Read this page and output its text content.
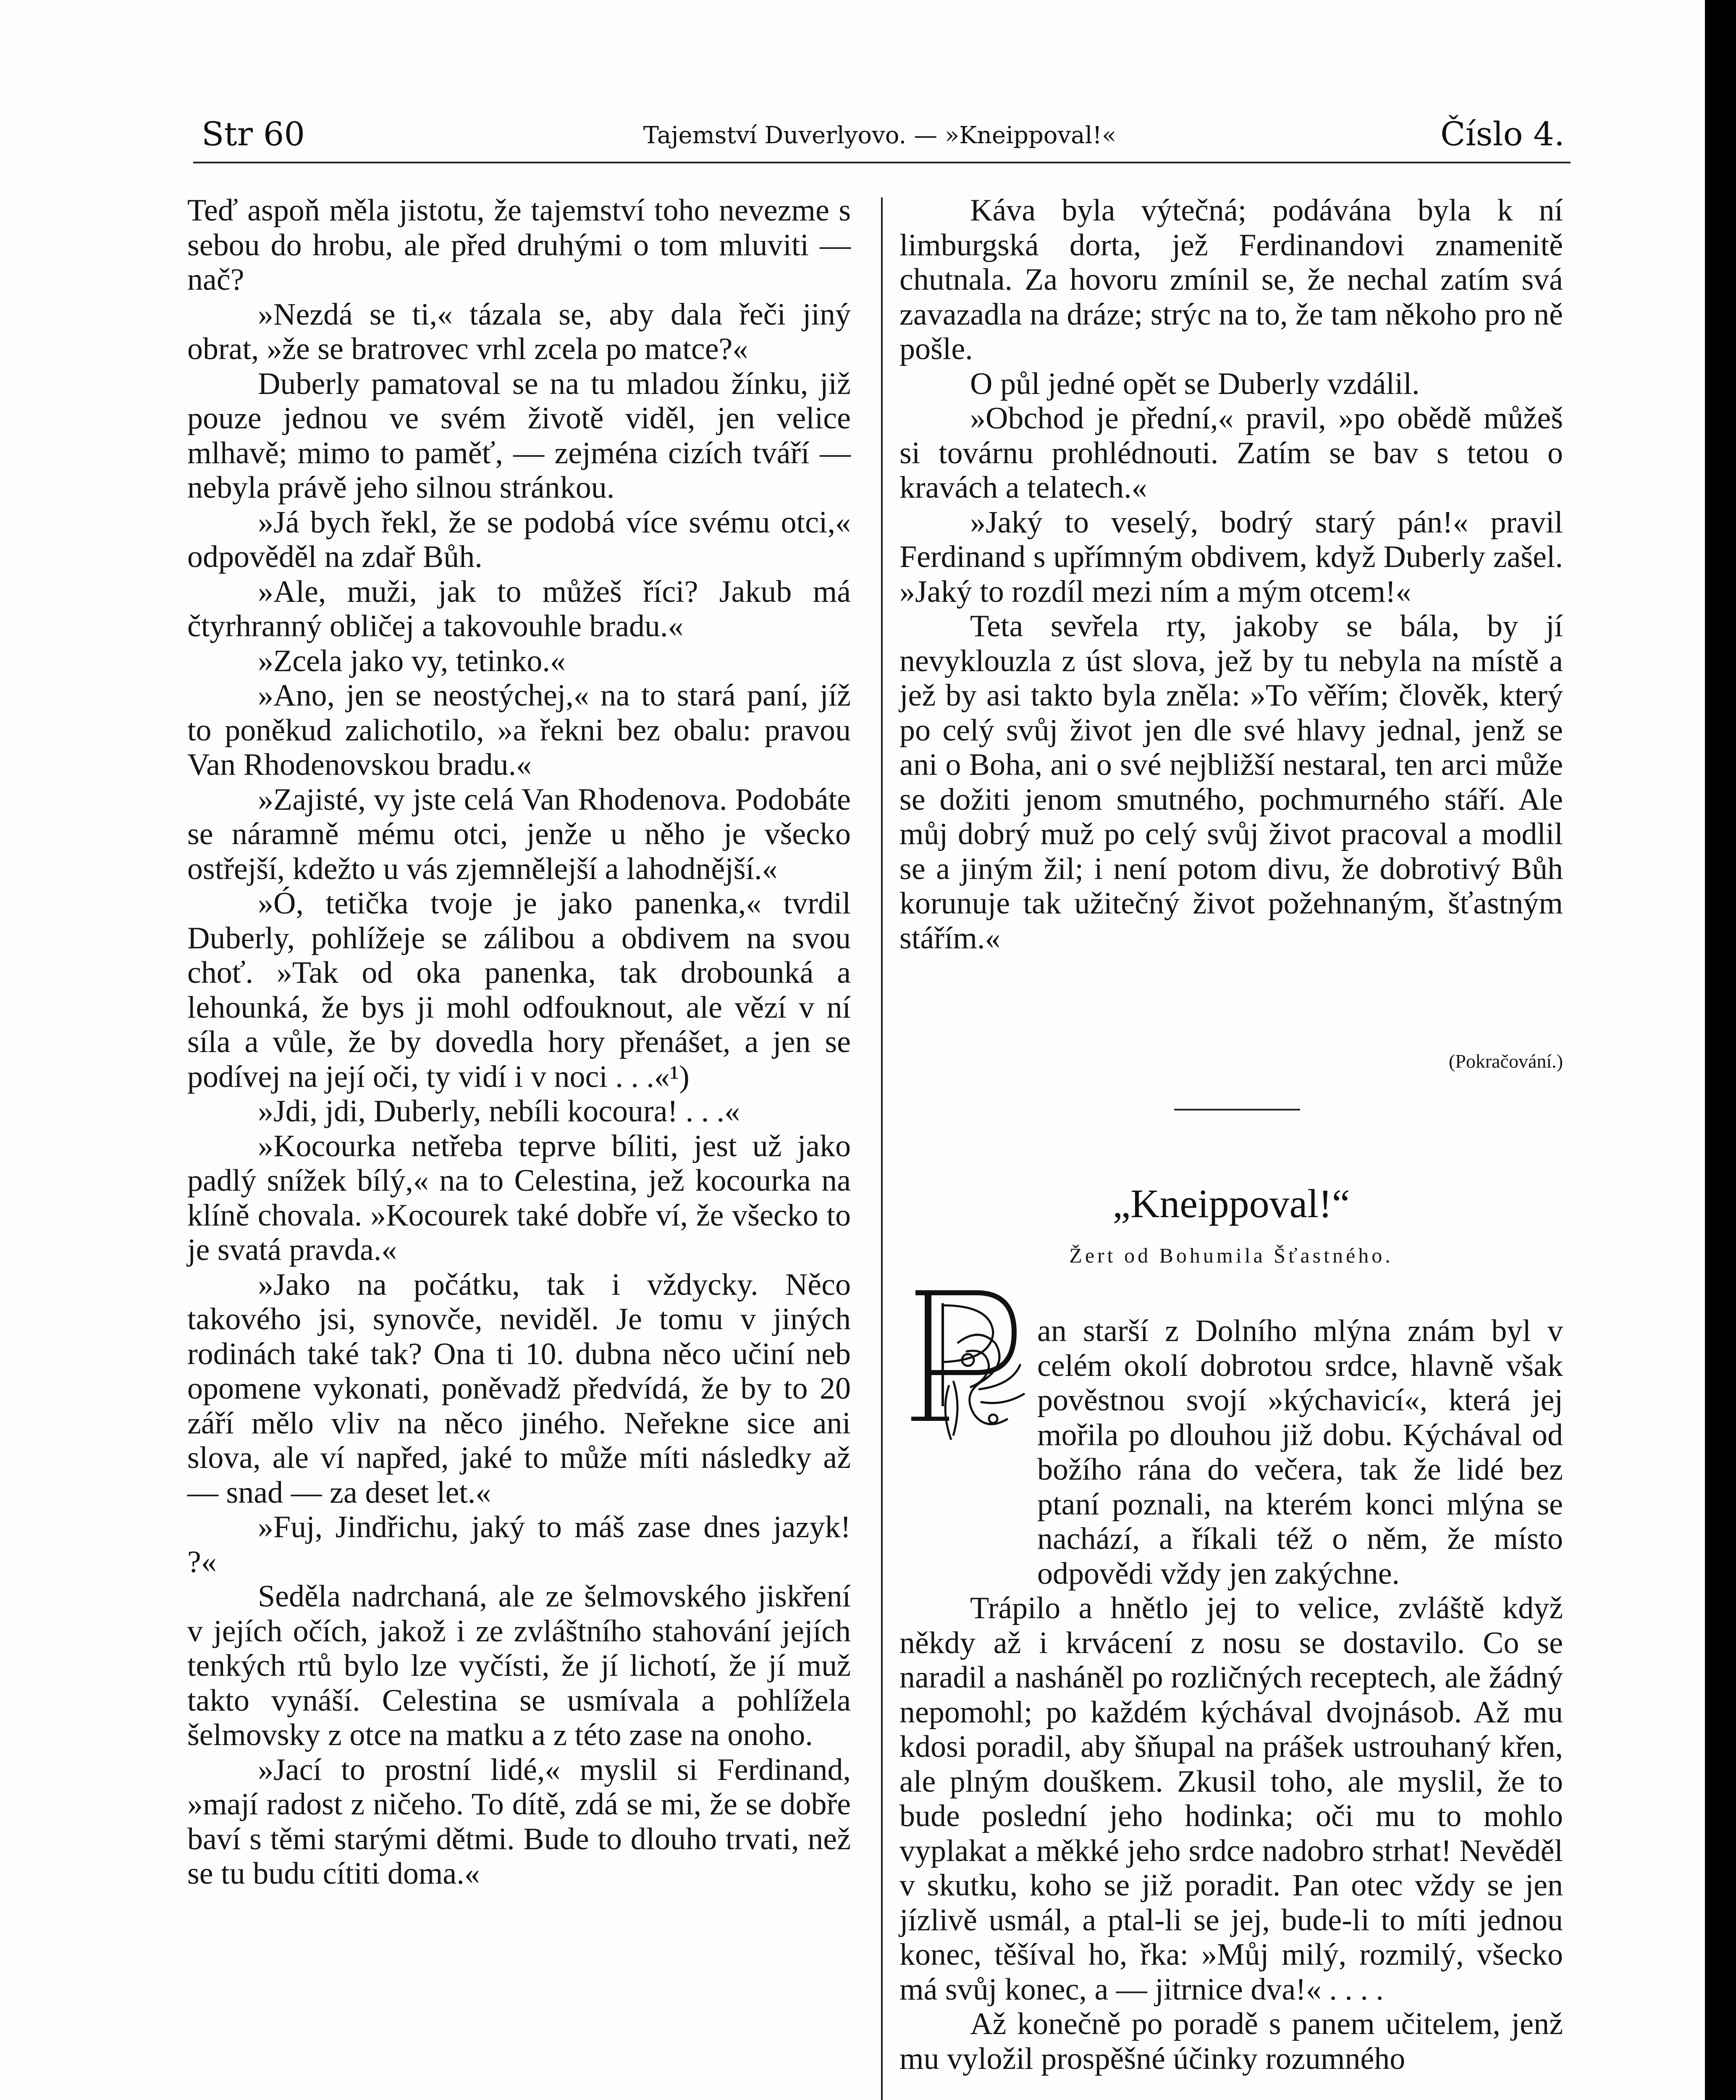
Str 60	Tajemství Duverlyovo. — »Kneippoval!«	Číslo 4.

Teď aspoň měla jistotu, že tajemství toho nevezme s sebou do hrobu, ale před druhými o tom mluviti — nač?

»Nezdá se ti,« tázala se, aby dala řeči jiný obrat, »že se bratrovec vrhl zcela po matce?«

Duberly pamatoval se na tu mladou žínku, již pouze jednou ve svém životě viděl, jen velice mlhavě; mimo to paměť, — zejména cizích tváří — nebyla právě jeho silnou stránkou.

»Já bych řekl, že se podobá více svému otci,« odpověděl na zdař Bůh.

»Ale, muži, jak to můžeš říci? Jakub má čtyrhranný obličej a takovouhle bradu.«

»Zcela jako vy, tetinko.«

»Ano, jen se neostýchej,« na to stará paní, jíž to poněkud zalichotilo, »a řekni bez obalu: pravou Van Rhodenovskou bradu.«

»Zajisté, vy jste celá Van Rhodenova. Podobáte se náramně mému otci, jenže u něho je všecko ostřejší, kdežto u vás zjemnělejší a lahodnější.«

»Ó, tetička tvoje je jako panenka,« tvrdil Duberly, pohlížeje se zálibou a obdivem na svou choť. »Tak od oka panenka, tak drobounká a lehounká, že bys ji mohl odfouknout, ale vězí v ní síla a vůle, že by dovedla hory přenášet, a jen se podívej na její oči, ty vidí i v noci . . .«¹)

»Jdi, jdi, Duberly, nebíli kocoura! . . .«

»Kocourka netřeba teprve bíliti, jest už jako padlý snížek bílý,« na to Celestina, jež kocourka na klíně chovala. »Kocourek také dobře ví, že všecko to je svatá pravda.«

»Jako na počátku, tak i vždycky. Něco takového jsi, synovče, neviděl. Je tomu v jiných rodinách také tak? Ona ti 10. dubna něco učiní neb opomene vykonati, poněvadž předvídá, že by to 20 září mělo vliv na něco jiného. Neřekne sice ani slova, ale ví napřed, jaké to může míti následky až — snad — za deset let.«

»Fuj, Jindřichu, jaký to máš zase dnes jazyk! ?«

Seděla nadrchaná, ale ze šelmovského jiskření v jejích očích, jakož i ze zvláštního stahování jejích tenkých rtů bylo lze vyčísti, že jí lichotí, že jí muž takto vynáší. Celestina se usmívala a pohlížela šelmovsky z otce na matku a z této zase na onoho.

»Jací to prostní lidé,« myslil si Ferdinand, »mají radost z ničeho. To dítě, zdá se mi, že se dobře baví s těmi starými dětmi. Bude to dlouho trvati, než se tu budu cítiti doma.«

Káva byla výtečná; podávána byla k ní limburgská dorta, jež Ferdinandovi znamenitě chutnala. Za hovoru zmínil se, že nechal zatím svá zavazadla na dráze; strýc na to, že tam někoho pro ně pošle.

O půl jedné opět se Duberly vzdálil.

»Obchod je přední,« pravil, »po obědě můžeš si továrnu prohlédnouti. Zatím se bav s tetou o kravách a telatech.«

»Jaký to veselý, bodrý starý pán!« pravil Ferdinand s upřímným obdivem, když Duberly zašel. »Jaký to rozdíl mezi ním a mým otcem!«

Teta sevřela rty, jakoby se bála, by jí nevyklouzla z úst slova, jež by tu nebyla na místě a jež by asi takto byla zněla: »To věřím; člověk, který po celý svůj život jen dle své hlavy jednal, jenž se ani o Boha, ani o své nejbližší nestaral, ten arci může se dožiti jenom smutného, pochmurného stáří. Ale můj dobrý muž po celý svůj život pracoval a modlil se a jiným žil; i není potom divu, že dobrotivý Bůh korunuje tak užitečný život požehnaným, šťastným stářím.«

(Pokračování.)
„Kneippoval!“
Žert od Bohumila Šťastného.

an starší z Dolního mlýna znám byl v celém okolí dobrotou srdce, hlavně však pověstnou svojí »kýchavicí«, která jej mořila po dlouhou již dobu. Kýchával od božího rána do večera, tak že lidé bez ptaní poznali, na kterém konci mlýna se nachází, a říkali též o něm, že místo odpovědi vždy jen zakýchne.

Trápilo a hnětlo jej to velice, zvláště když někdy až i krvácení z nosu se dostavilo. Co se naradil a nasháněl po rozličných receptech, ale žádný nepomohl; po každém kýchával dvojnásob. Až mu kdosi poradil, aby šňupal na prášek ustrouhaný křen, ale plným douškem. Zkusil toho, ale myslil, že to bude poslední jeho hodinka; oči mu to mohlo vyplakat a měkké jeho srdce nadobro strhat! Nevěděl v skutku, koho se již poradit. Pan otec vždy se jen jízlivě usmál, a ptal-li se jej, bude-li to míti jednou konec, těšíval ho, řka: »Můj milý, rozmilý, všecko má svůj konec, a — jitrnice dva!« . . . .

Až konečně po poradě s panem učitelem, jenž mu vyložil prospěšné účinky rozumného
